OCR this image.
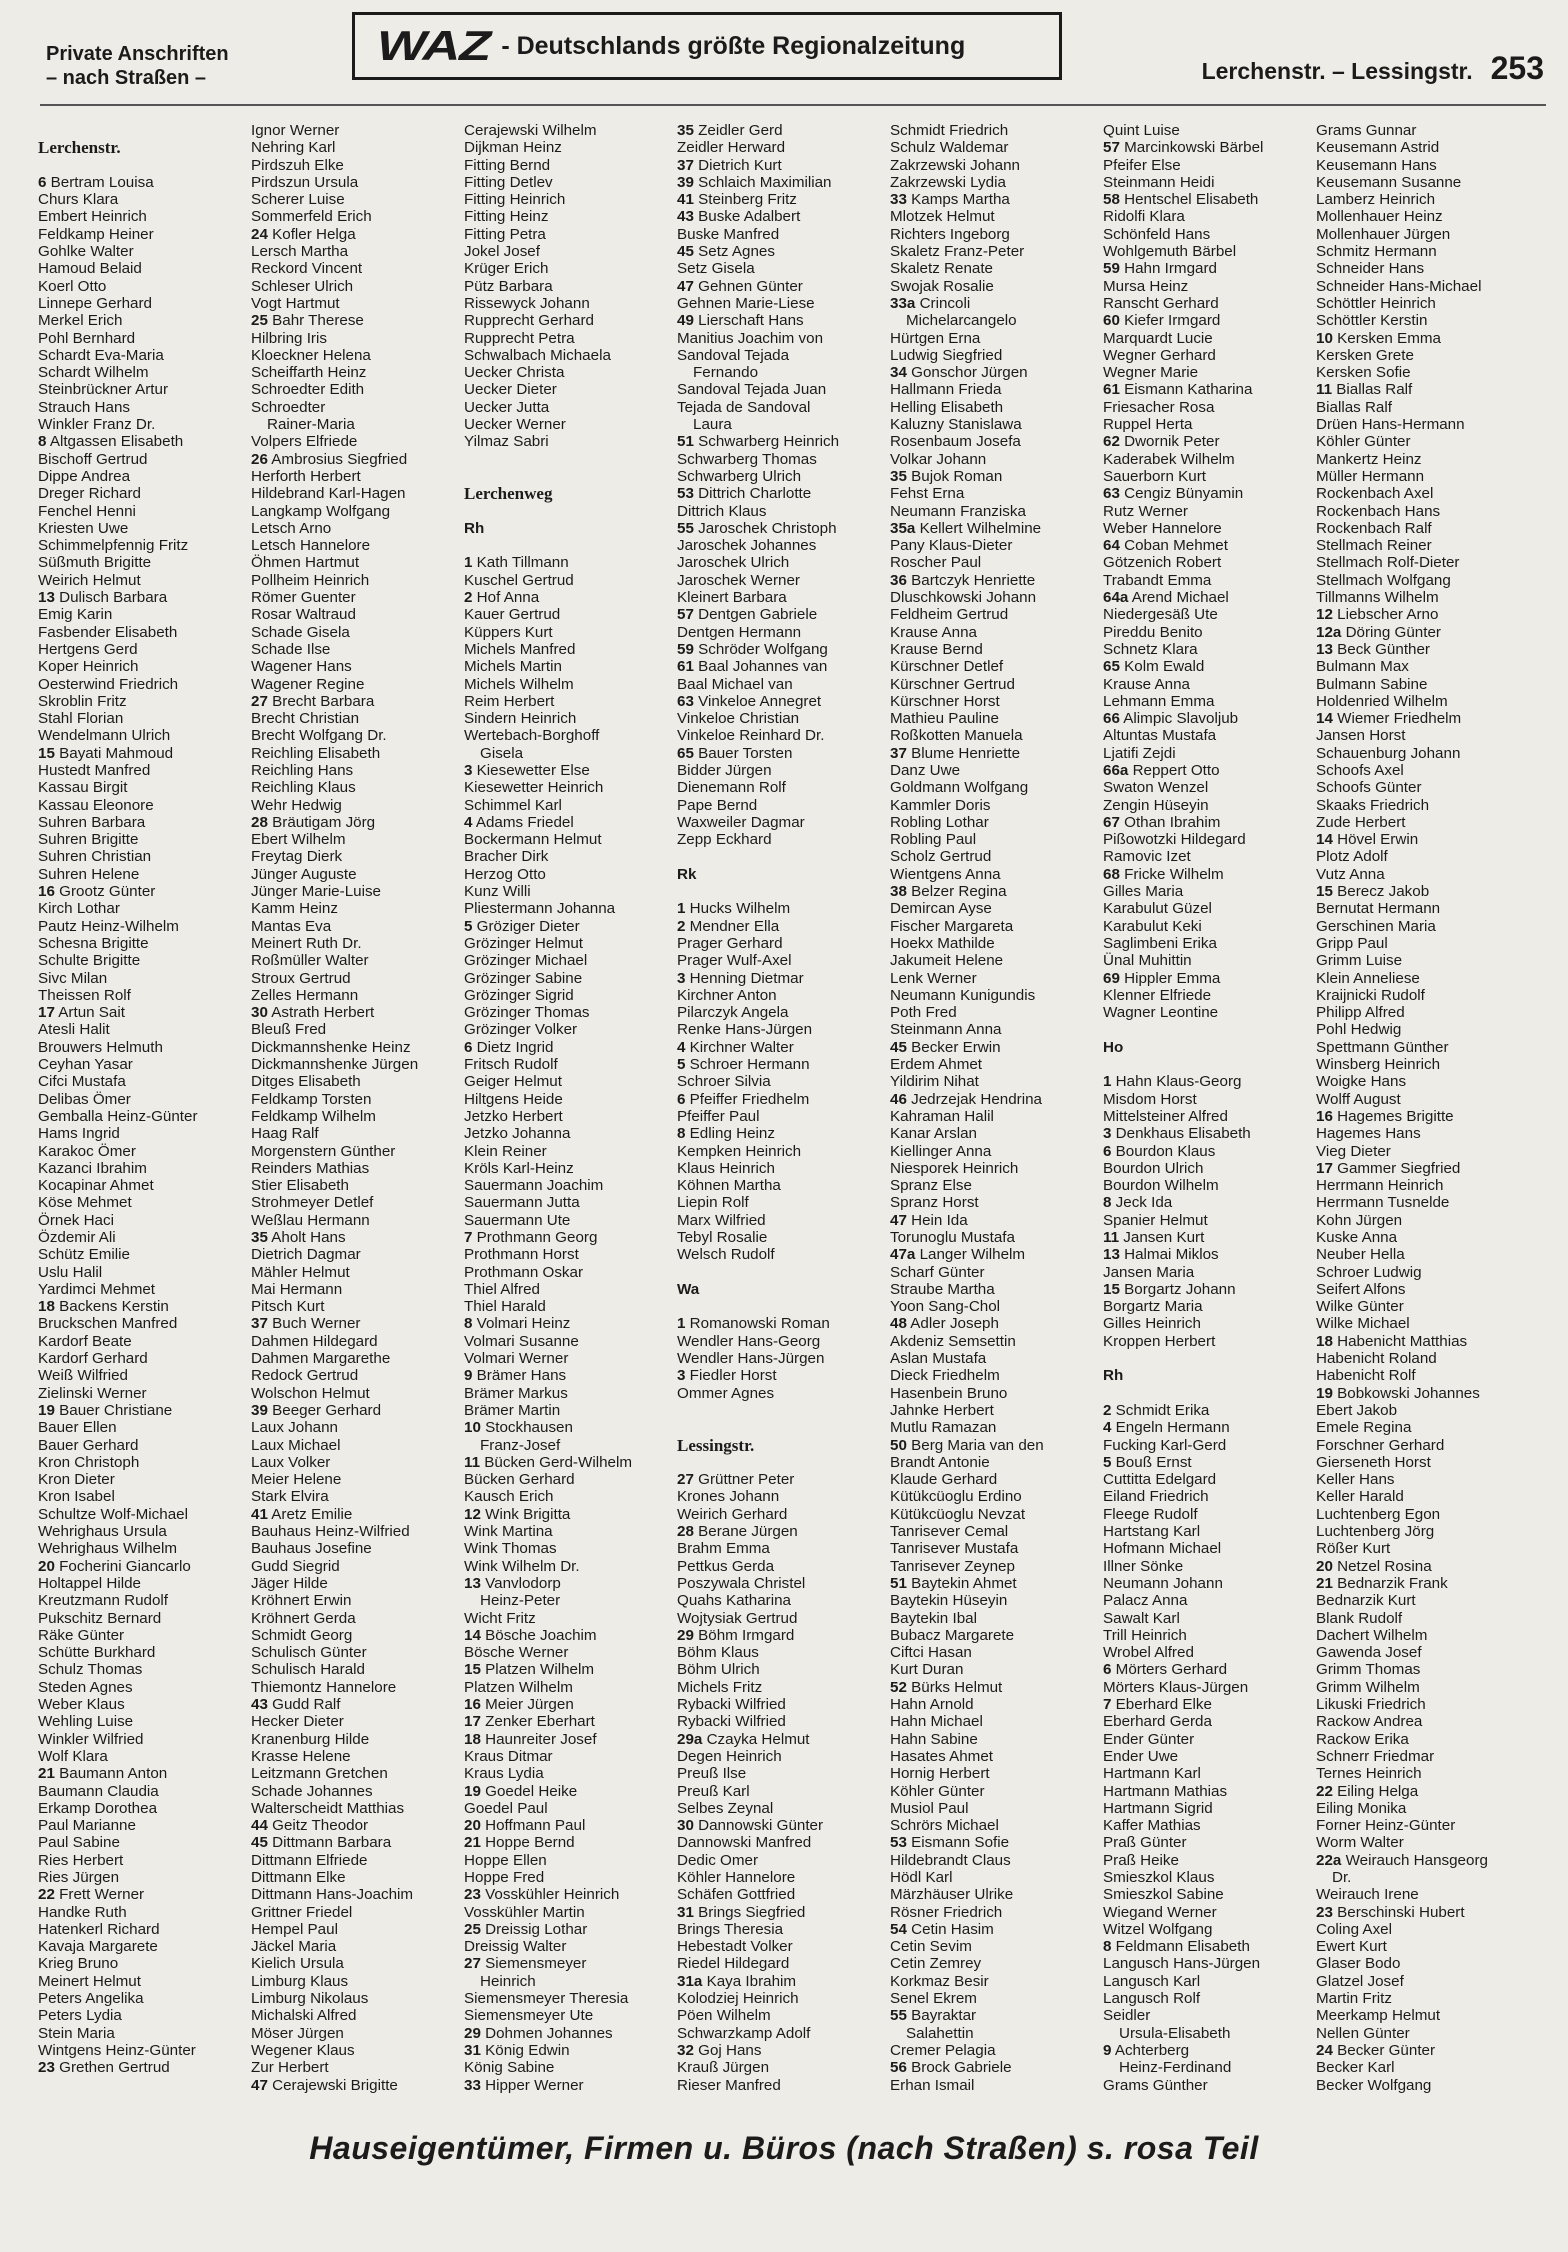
Private Anschriften
– nach Straßen –
WAZ - Deutschlands größte Regionalzeitung
Lerchenstr. – Lessingstr. 253
Lerchenstr.
6 Bertram Louisa
Churs Klara
Embert Heinrich
Feldkamp Heiner
Gohlke Walter
Hamoud Belaid
Koerl Otto
Linnepe Gerhard
Merkel Erich
Pohl Bernhard
Schardt Eva-Maria
Schardt Wilhelm
Steinbrückner Artur
Strauch Hans
Winkler Franz Dr.
8 Altgassen Elisabeth
Bischoff Gertrud
Dippe Andrea
Dreger Richard
Fenchel Henni
Kriesten Uwe
Schimmelpfennig Fritz
Süßmuth Brigitte
Weirich Helmut
13 Dulisch Barbara
Emig Karin
Fasbender Elisabeth
Hertgens Gerd
Koper Heinrich
Oesterwind Friedrich
Skroblin Fritz
Stahl Florian
Wendelmann Ulrich
15 Bayati Mahmoud
Hustedt Manfred
Kassau Birgit
Kassau Eleonore
Suhren Barbara
Suhren Brigitte
Suhren Christian
Suhren Helene
16 Grootz Günter
Kirch Lothar
Pautz Heinz-Wilhelm
Schesna Brigitte
Schulte Brigitte
Sivc Milan
Theissen Rolf
17 Artun Sait
Atesli Halit
Brouwers Helmuth
Ceyhan Yasar
Cifci Mustafa
Delibas Ömer
Gemballa Heinz-Günter
Hams Ingrid
Karakoc Ömer
Kazanci Ibrahim
Kocapinar Ahmet
Köse Mehmet
Örnek Haci
Özdemir Ali
Schütz Emilie
Uslu Halil
Yardimci Mehmet
18 Backens Kerstin
Bruckschen Manfred
Kardorf Beate
Kardorf Gerhard
Weiß Wilfried
Zielinski Werner
19 Bauer Christiane
Bauer Ellen
Bauer Gerhard
Kron Christoph
Kron Dieter
Kron Isabel
Schultze Wolf-Michael
Wehrighaus Ursula
Wehrighaus Wilhelm
20 Focherini Giancarlo
Holtappel Hilde
Kreutzmann Rudolf
Pukschitz Bernard
Räke Günter
Schütte Burkhard
Schulz Thomas
Steden Agnes
Weber Klaus
Wehling Luise
Winkler Wilfried
Wolf Klara
21 Baumann Anton
Baumann Claudia
Erkamp Dorothea
Paul Marianne
Paul Sabine
Ries Herbert
Ries Jürgen
22 Frett Werner
Handke Ruth
Hatenkerl Richard
Kavaja Margarete
Krieg Bruno
Meinert Helmut
Peters Angelika
Peters Lydia
Stein Maria
Wintgens Heinz-Günter
23 Grethen Gertrud
Ignor Werner
Nehring Karl
Pirdszuh Elke
Pirdszun Ursula
Scherer Luise
Sommerfeld Erich
24 Kofler Helga
Lersch Martha
Reckord Vincent
Schleser Ulrich
Vogt Hartmut
25 Bahr Therese
Hilbring Iris
Kloeckner Helena
Scheiffarth Heinz
Schroedter Edith
Schroedter
Rainer-Maria
Volpers Elfriede
26 Ambrosius Siegfried
Herforth Herbert
Hildebrand Karl-Hagen
Langkamp Wolfgang
Letsch Arno
Letsch Hannelore
Öhmen Hartmut
Pollheim Heinrich
Römer Guenter
Rosar Waltraud
Schade Gisela
Schade Ilse
Wagener Hans
Wagener Regine
27 Brecht Barbara
Brecht Christian
Brecht Wolfgang Dr.
Reichling Elisabeth
Reichling Hans
Reichling Klaus
Wehr Hedwig
28 Bräutigam Jörg
Ebert Wilhelm
Freytag Dierk
Jünger Auguste
Jünger Marie-Luise
Kamm Heinz
Mantas Eva
Meinert Ruth Dr.
Roßmüller Walter
Stroux Gertrud
Zelles Hermann
30 Astrath Herbert
Bleuß Fred
Dickmannshenke Heinz
Dickmannshenke Jürgen
Ditges Elisabeth
Feldkamp Torsten
Feldkamp Wilhelm
Haag Ralf
Morgenstern Günther
Reinders Mathias
Stier Elisabeth
Strohmeyer Detlef
Weßlau Hermann
35 Aholt Hans
Dietrich Dagmar
Mähler Helmut
Mai Hermann
Pitsch Kurt
37 Buch Werner
Dahmen Hildegard
Dahmen Margarethe
Redock Gertrud
Wolschon Helmut
39 Beeger Gerhard
Laux Johann
Laux Michael
Laux Volker
Meier Helene
Stark Elvira
41 Aretz Emilie
Bauhaus Heinz-Wilfried
Bauhaus Josefine
Gudd Siegrid
Jäger Hilde
Kröhnert Erwin
Kröhnert Gerda
Schmidt Georg
Schulisch Günter
Schulisch Harald
Thiemontz Hannelore
43 Gudd Ralf
Hecker Dieter
Kranenburg Hilde
Krasse Helene
Leitzmann Gretchen
Schade Johannes
Walterscheidt Matthias
44 Geitz Theodor
45 Dittmann Barbara
Dittmann Elfriede
Dittmann Elke
Dittmann Hans-Joachim
Grittner Friedel
Hempel Paul
Jäckel Maria
Kielich Ursula
Limburg Klaus
Limburg Nikolaus
Michalski Alfred
Möser Jürgen
Wegener Klaus
Zur Herbert
47 Cerajewski Brigitte
Cerajewski Wilhelm
Dijkman Heinz
Fitting Bernd
Fitting Detlev
Fitting Heinrich
Fitting Heinz
Fitting Petra
Jokel Josef
Krüger Erich
Pütz Barbara
Rissewyck Johann
Rupprecht Gerhard
Rupprecht Petra
Schwalbach Michaela
Uecker Christa
Uecker Dieter
Uecker Jutta
Uecker Werner
Yilmaz Sabri
Lerchenweg
Rh
1 Kath Tillmann
Kuschel Gertrud
2 Hof Anna
Kauer Gertrud
Küppers Kurt
Michels Manfred
Michels Martin
Michels Wilhelm
Reim Herbert
Sindern Heinrich
Wertebach-Borghoff
Gisela
3 Kiesewetter Else
Kiesewetter Heinrich
Schimmel Karl
4 Adams Friedel
Bockermann Helmut
Bracher Dirk
Herzog Otto
Kunz Willi
Pliestermann Johanna
5 Gröziger Dieter
Grözinger Helmut
Grözinger Michael
Grözinger Sabine
Grözinger Sigrid
Grözinger Thomas
Grözinger Volker
6 Dietz Ingrid
Fritsch Rudolf
Geiger Helmut
Hiltgens Heide
Jetzko Herbert
Jetzko Johanna
Klein Reiner
Kröls Karl-Heinz
Sauermann Joachim
Sauermann Jutta
Sauermann Ute
7 Prothmann Georg
Prothmann Horst
Prothmann Oskar
Thiel Alfred
Thiel Harald
8 Volmari Heinz
Volmari Susanne
Volmari Werner
9 Brämer Hans
Brämer Markus
Brämer Martin
10 Stockhausen
Franz-Josef
11 Bücken Gerd-Wilhelm
Bücken Gerhard
Kausch Erich
12 Wink Brigitta
Wink Martina
Wink Thomas
Wink Wilhelm Dr.
13 Vanvlodorp
Heinz-Peter
Wicht Fritz
14 Bösche Joachim
Bösche Werner
15 Platzen Wilhelm
Platzen Wilhelm
16 Meier Jürgen
17 Zenker Eberhart
18 Haunreiter Josef
Kraus Ditmar
Kraus Lydia
19 Goedel Heike
Goedel Paul
20 Hoffmann Paul
21 Hoppe Bernd
Hoppe Ellen
Hoppe Fred
23 Vosskühler Heinrich
Vosskühler Martin
25 Dreissig Lothar
Dreissig Walter
27 Siemensmeyer
Heinrich
Siemensmeyer Theresia
Siemensmeyer Ute
29 Dohmen Johannes
31 König Edwin
König Sabine
33 Hipper Werner
35 Zeidler Gerd
Zeidler Herward
37 Dietrich Kurt
39 Schlaich Maximilian
41 Steinberg Fritz
43 Buske Adalbert
Buske Manfred
45 Setz Agnes
Setz Gisela
47 Gehnen Günter
Gehnen Marie-Liese
49 Lierschaft Hans
Manitius Joachim von
Sandoval Tejada
Fernando
Sandoval Tejada Juan
Tejada de Sandoval
Laura
51 Schwarberg Heinrich
Schwarberg Thomas
Schwarberg Ulrich
53 Dittrich Charlotte
Dittrich Klaus
55 Jaroschek Christoph
Jaroschek Johannes
Jaroschek Ulrich
Jaroschek Werner
Kleinert Barbara
57 Dentgen Gabriele
Dentgen Hermann
59 Schröder Wolfgang
61 Baal Johannes van
Baal Michael van
63 Vinkeloe Annegret
Vinkeloe Christian
Vinkeloe Reinhard Dr.
65 Bauer Torsten
Bidder Jürgen
Dienemann Rolf
Pape Bernd
Waxweiler Dagmar
Zepp Eckhard
Rk
1 Hucks Wilhelm
2 Mendner Ella
Prager Gerhard
Prager Wulf-Axel
3 Henning Dietmar
Kirchner Anton
Pilarczyk Angela
Renke Hans-Jürgen
4 Kirchner Walter
5 Schroer Hermann
Schroer Silvia
6 Pfeiffer Friedhelm
Pfeiffer Paul
8 Edling Heinz
Kempken Heinrich
Klaus Heinrich
Köhnen Martha
Liepin Rolf
Marx Wilfried
Tebyl Rosalie
Welsch Rudolf
Wa
1 Romanowski Roman
Wendler Hans-Georg
Wendler Hans-Jürgen
3 Fiedler Horst
Ommer Agnes
Lessingstr.
27 Grüttner Peter
Krones Johann
Weirich Gerhard
28 Berane Jürgen
Brahm Emma
Pettkus Gerda
Poszywala Christel
Quahs Katharina
Wojtysiak Gertrud
29 Böhm Irmgard
Böhm Klaus
Böhm Ulrich
Michels Fritz
Rybacki Wilfried
Rybacki Wilfried
29a Czayka Helmut
Degen Heinrich
Preuß Ilse
Preuß Karl
Selbes Zeynal
30 Dannowski Günter
Dannowski Manfred
Dedic Omer
Köhler Hannelore
Schäfen Gottfried
31 Brings Siegfried
Brings Theresia
Hebestadt Volker
Riedel Hildegard
31a Kaya Ibrahim
Kolodziej Heinrich
Pöen Wilhelm
Schwarzkamp Adolf
32 Goj Hans
Krauß Jürgen
Rieser Manfred
Schmidt Friedrich
Schulz Waldemar
Zakrzewski Johann
Zakrzewski Lydia
33 Kamps Martha
Mlotzek Helmut
Richters Ingeborg
Skaletz Franz-Peter
Skaletz Renate
Swojak Rosalie
33a Crincoli
Michelarcangelo
Hürtgen Erna
Ludwig Siegfried
34 Gonschor Jürgen
Hallmann Frieda
Helling Elisabeth
Kaluzny Stanislawa
Rosenbaum Josefa
Volkar Johann
35 Bujok Roman
Fehst Erna
Neumann Franziska
35a Kellert Wilhelmine
Pany Klaus-Dieter
Roscher Paul
36 Bartczyk Henriette
Dluschkowski Johann
Feldheim Gertrud
Krause Anna
Krause Bernd
Kürschner Detlef
Kürschner Gertrud
Kürschner Horst
Mathieu Pauline
Roßkotten Manuela
37 Blume Henriette
Danz Uwe
Goldmann Wolfgang
Kammler Doris
Robling Lothar
Robling Paul
Scholz Gertrud
Wientgens Anna
38 Belzer Regina
Demircan Ayse
Fischer Margareta
Hoekx Mathilde
Jakumeit Helene
Lenk Werner
Neumann Kunigundis
Poth Fred
Steinmann Anna
45 Becker Erwin
Erdem Ahmet
Yildirim Nihat
46 Jedrzejak Hendrina
Kahraman Halil
Kanar Arslan
Kiellinger Anna
Niesporek Heinrich
Spranz Else
Spranz Horst
47 Hein Ida
Torunoglu Mustafa
47a Langer Wilhelm
Scharf Günter
Straube Martha
Yoon Sang-Chol
48 Adler Joseph
Akdeniz Semsettin
Aslan Mustafa
Dieck Friedhelm
Hasenbein Bruno
Jahnke Herbert
Mutlu Ramazan
50 Berg Maria van den
Brandt Antonie
Klaude Gerhard
Kütükcüoglu Erdino
Kütükcüoglu Nevzat
Tanrisever Cemal
Tanrisever Mustafa
Tanrisever Zeynep
51 Baytekin Ahmet
Baytekin Hüseyin
Baytekin Ibal
Bubacz Margarete
Ciftci Hasan
Kurt Duran
52 Bürks Helmut
Hahn Arnold
Hahn Michael
Hahn Sabine
Hasates Ahmet
Hornig Herbert
Köhler Günter
Musiol Paul
Schrörs Michael
53 Eismann Sofie
Hildebrandt Claus
Hödl Karl
Märzhäuser Ulrike
Rösner Friedrich
54 Cetin Hasim
Cetin Sevim
Cetin Zemrey
Korkmaz Besir
Senel Ekrem
55 Bayraktar
Salahettin
Cremer Pelagia
56 Brock Gabriele
Erhan Ismail
Quint Luise
57 Marcinkowski Bärbel
Pfeifer Else
Steinmann Heidi
58 Hentschel Elisabeth
Ridolfi Klara
Schönfeld Hans
Wohlgemuth Bärbel
59 Hahn Irmgard
Mursa Heinz
Ranscht Gerhard
60 Kiefer Irmgard
Marquardt Lucie
Wegner Gerhard
Wegner Marie
61 Eismann Katharina
Friesacher Rosa
Ruppel Herta
62 Dwornik Peter
Kaderabek Wilhelm
Sauerborn Kurt
63 Cengiz Bünyamin
Rutz Werner
Weber Hannelore
64 Coban Mehmet
Götzenich Robert
Trabandt Emma
64a Arend Michael
Niedergesäß Ute
Pireddu Benito
Schnetz Klara
65 Kolm Ewald
Krause Anna
Lehmann Emma
66 Alimpic Slavoljub
Altuntas Mustafa
Ljatifi Zejdi
66a Reppert Otto
Swaton Wenzel
Zengin Hüseyin
67 Othan Ibrahim
Pißowotzki Hildegard
Ramovic Izet
68 Fricke Wilhelm
Gilles Maria
Karabulut Güzel
Karabulut Keki
Saglimbeni Erika
Ünal Muhittin
69 Hippler Emma
Klenner Elfriede
Wagner Leontine
Ho
1 Hahn Klaus-Georg
Misdom Horst
Mittelsteiner Alfred
3 Denkhaus Elisabeth
6 Bourdon Klaus
Bourdon Ulrich
Bourdon Wilhelm
8 Jeck Ida
Spanier Helmut
11 Jansen Kurt
13 Halmai Miklos
Jansen Maria
15 Borgartz Johann
Borgartz Maria
Gilles Heinrich
Kroppen Herbert
Rh
2 Schmidt Erika
4 Engeln Hermann
Fucking Karl-Gerd
5 Bouß Ernst
Cuttitta Edelgard
Eiland Friedrich
Fleege Rudolf
Hartstang Karl
Hofmann Michael
Illner Sönke
Neumann Johann
Palacz Anna
Sawalt Karl
Trill Heinrich
Wrobel Alfred
6 Mörters Gerhard
Mörters Klaus-Jürgen
7 Eberhard Elke
Eberhard Gerda
Ender Günter
Ender Uwe
Hartmann Karl
Hartmann Mathias
Hartmann Sigrid
Kaffer Mathias
Praß Günter
Praß Heike
Smieszkol Klaus
Smieszkol Sabine
Wiegand Werner
Witzel Wolfgang
8 Feldmann Elisabeth
Langusch Hans-Jürgen
Langusch Karl
Langusch Rolf
Seidler
Ursula-Elisabeth
9 Achterberg
Heinz-Ferdinand
Grams Günther
Grams Gunnar
Keusemann Astrid
Keusemann Hans
Keusemann Susanne
Lamberz Heinrich
Mollenhauer Heinz
Mollenhauer Jürgen
Schmitz Hermann
Schneider Hans
Schneider Hans-Michael
Schöttler Heinrich
Schöttler Kerstin
10 Kersken Emma
Kersken Grete
Kersken Sofie
11 Biallas Ralf
Biallas Ralf
Drüen Hans-Hermann
Köhler Günter
Mankertz Heinz
Müller Hermann
Rockenbach Axel
Rockenbach Hans
Rockenbach Ralf
Stellmach Reiner
Stellmach Rolf-Dieter
Stellmach Wolfgang
Tillmanns Wilhelm
12 Liebscher Arno
12a Döring Günter
13 Beck Günther
Bulmann Max
Bulmann Sabine
Holdenried Wilhelm
14 Wiemer Friedhelm
Jansen Horst
Schauenburg Johann
Schoofs Axel
Schoofs Günter
Skaaks Friedrich
Zude Herbert
14 Hövel Erwin
Plotz Adolf
Vutz Anna
15 Berecz Jakob
Bernutat Hermann
Gerschinen Maria
Gripp Paul
Grimm Luise
Klein Anneliese
Kraijnicki Rudolf
Philipp Alfred
Pohl Hedwig
Spettmann Günther
Winsberg Heinrich
Woigke Hans
Wolff August
16 Hagemes Brigitte
Hagemes Hans
Vieg Dieter
17 Gammer Siegfried
Herrmann Heinrich
Herrmann Tusnelde
Kohn Jürgen
Kuske Anna
Neuber Hella
Schroer Ludwig
Seifert Alfons
Wilke Günter
Wilke Michael
18 Habenicht Matthias
Habenicht Roland
Habenicht Rolf
19 Bobkowski Johannes
Ebert Jakob
Emele Regina
Forschner Gerhard
Gierseneth Horst
Keller Hans
Keller Harald
Luchtenberg Egon
Luchtenberg Jörg
Rößer Kurt
20 Netzel Rosina
21 Bednarzik Frank
Bednarzik Kurt
Blank Rudolf
Dachert Wilhelm
Gawenda Josef
Grimm Thomas
Grimm Wilhelm
Likuski Friedrich
Rackow Andrea
Rackow Erika
Schnerr Friedmar
Ternes Heinrich
22 Eiling Helga
Eiling Monika
Forner Heinz-Günter
Worm Walter
22a Weirauch Hansgeorg
Dr.
Weirauch Irene
23 Berschinski Hubert
Coling Axel
Ewert Kurt
Glaser Bodo
Glatzel Josef
Martin Fritz
Meerkamp Helmut
Nellen Günter
24 Becker Günter
Becker Karl
Becker Wolfgang
Hauseigentümer, Firmen u. Büros (nach Straßen) s. rosa Teil
